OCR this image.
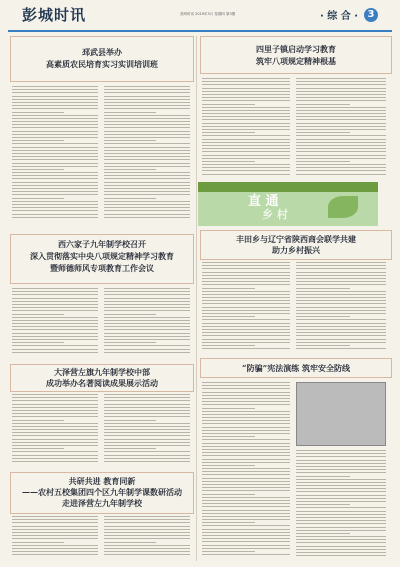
彭城时讯	邳州时讯 2019年3月 星期四 第3期	· 综 合 · 3
邳武县举办
高素质农民培育实习实训培训班
西六家子九年制学校召开
深入贯彻落实中央八项规定精神学习教育
暨师德师风专项教育工作会议
大泽营左旗九年制学校中部
成功举办名著阅读成果展示活动
共研共进 教育同新
——农村五校集团四个区九年制学课数研活动
走进泽营左九年制学校
四里子镇启动学习教育
筑牢八项规定精神根基
直 通
乡 村
丰田乡与辽宁省陕西商会联学共建
助力乡村振兴
“防骗”宪法演练 筑牢安全防线
